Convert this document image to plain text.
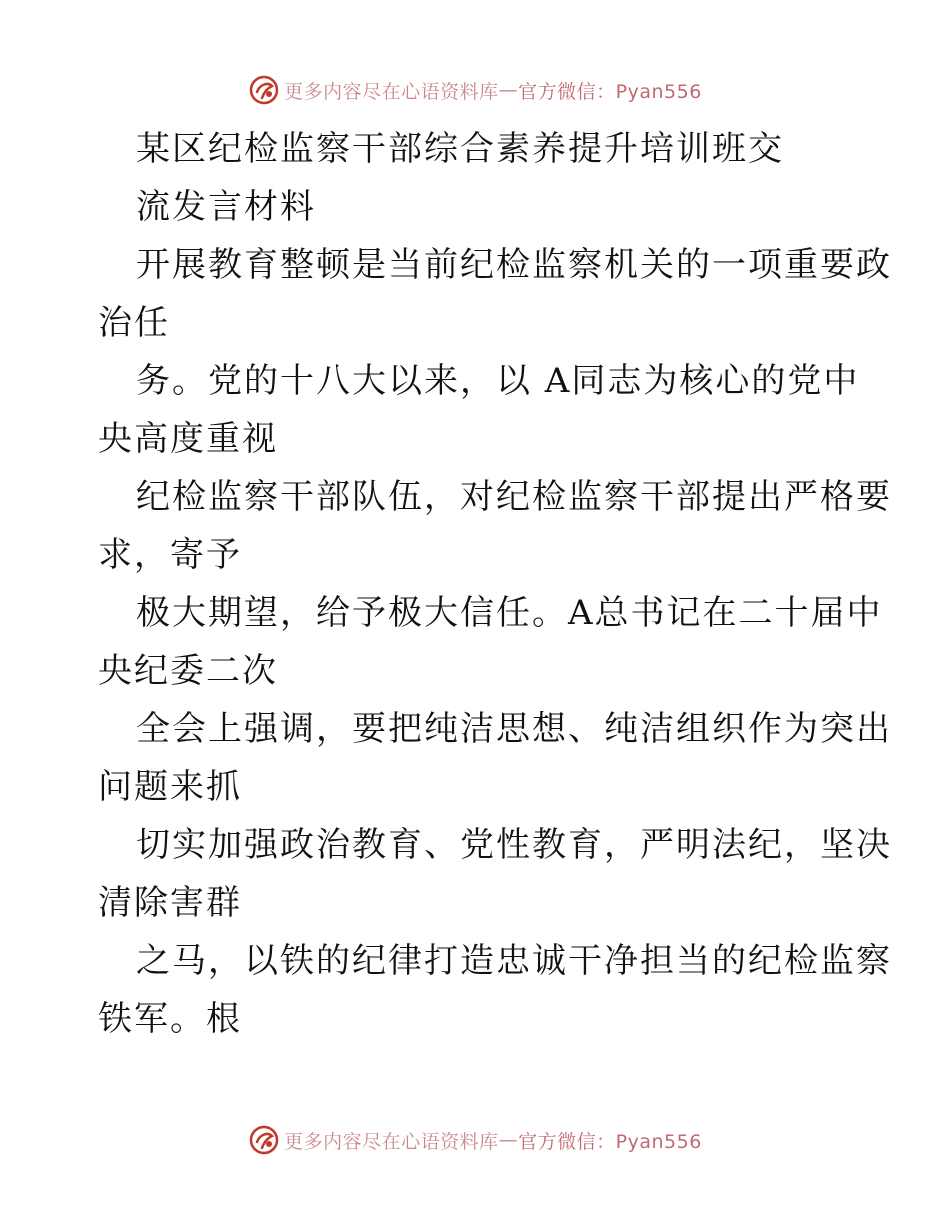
更多内容尽在心语资料库 — 官方微信：Pyan556
某区纪检监察干部综合素养提升培训班交
流发言材料
开展教育整顿是当前纪检监察机关的一项重要政
治任
务。党的十八大以来，以 A同志为核心的党中
央高度重视
纪检监察干部队伍，对纪检监察干部提出严格要
求，寄予
极大期望，给予极大信任。A总书记在二十届中
央纪委二次
全会上强调，要把纯洁思想、纯洁组织作为突出
问题来抓
切实加强政治教育、党性教育，严明法纪，坚决
清除害群
之马，以铁的纪律打造忠诚干净担当的纪检监察
铁军。根
更多内容尽在心语资料库 — 官方微信：Pyan556
